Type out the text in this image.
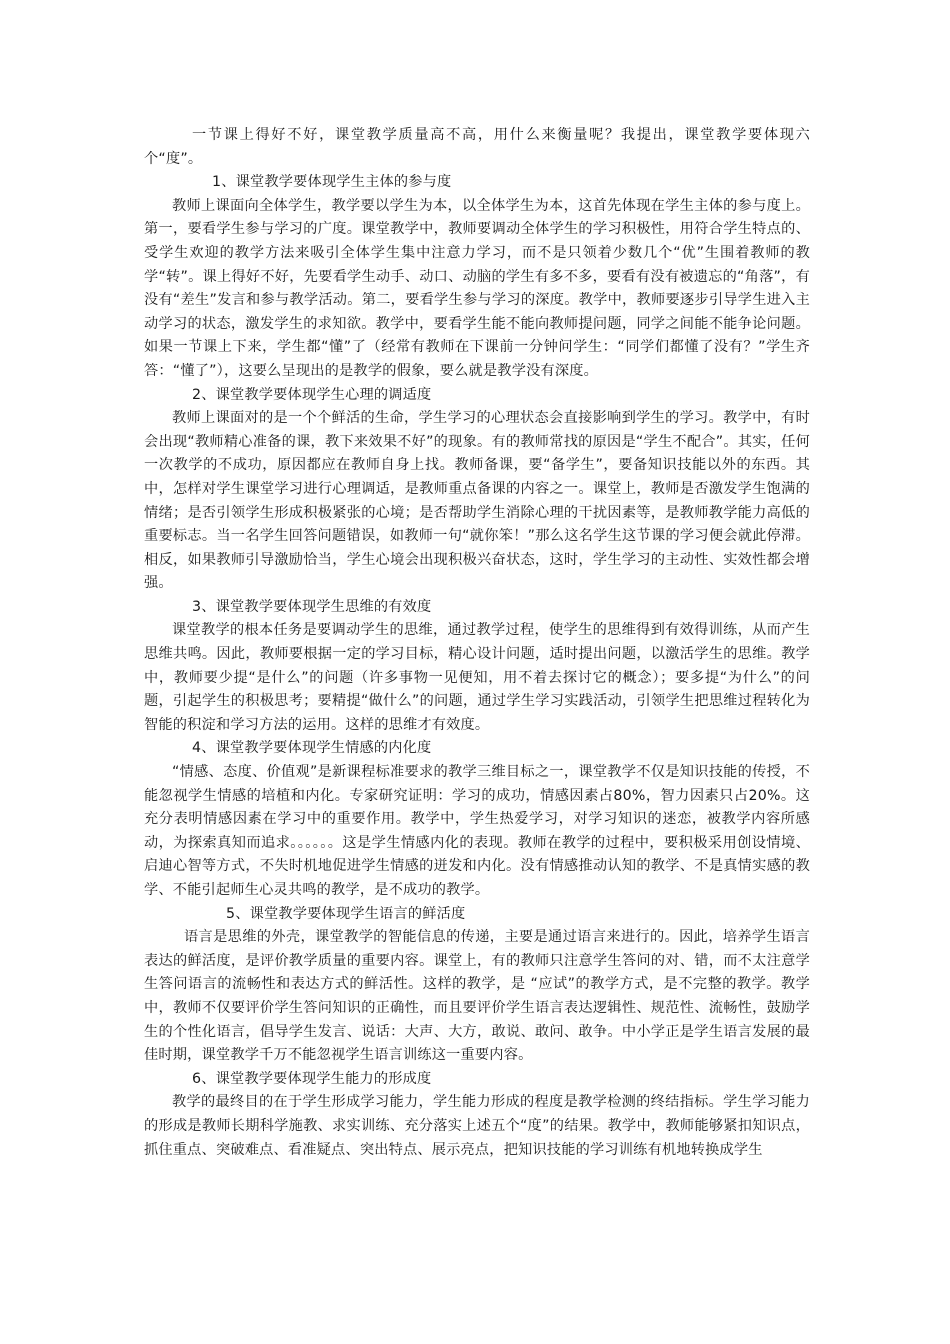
一节课上得好不好，课堂教学质量高不高，用什么来衡量呢？我提出，课堂教学要体现六个“度”。

1、课堂教学要体现学生主体的参与度

教师上课面向全体学生，教学要以学生为本，以全体学生为本，这首先体现在学生主体的参与度上。第一，要看学生参与学习的广度。课堂教学中，教师要调动全体学生的学习积极性，用符合学生特点的、受学生欢迎的教学方法来吸引全体学生集中注意力学习，而不是只领着少数几个“优”生围着教师的教学“转”。课上得好不好，先要看学生动手、动口、动脑的学生有多不多，要看有没有被遗忘的“角落”，有没有“差生”发言和参与教学活动。第二，要看学生参与学习的深度。教学中，教师要逐步引导学生进入主动学习的状态，激发学生的求知欲。教学中，要看学生能不能向教师提问题，同学之间能不能争论问题。如果一节课上下来，学生都“懂”了（经常有教师在下课前一分钟问学生：“同学们都懂了没有？”学生齐答：“懂了”），这要么呈现出的是教学的假象，要么就是教学没有深度。

2、课堂教学要体现学生心理的调适度

教师上课面对的是一个个鲜活的生命，学生学习的心理状态会直接影响到学生的学习。教学中，有时会出现“教师精心准备的课，教下来效果不好”的现象。有的教师常找的原因是“学生不配合”。其实，任何一次教学的不成功，原因都应在教师自身上找。教师备课，要“备学生”，要备知识技能以外的东西。其中，怎样对学生课堂学习进行心理调适，是教师重点备课的内容之一。课堂上，教师是否激发学生饱满的情绪；是否引领学生形成积极紧张的心境；是否帮助学生消除心理的干扰因素等，是教师教学能力高低的重要标志。当一名学生回答问题错误，如教师一句“就你笨！”那么这名学生这节课的学习便会就此停滞。相反，如果教师引导激励恰当，学生心境会出现积极兴奋状态，这时，学生学习的主动性、实效性都会增强。

3、课堂教学要体现学生思维的有效度

课堂教学的根本任务是要调动学生的思维，通过教学过程，使学生的思维得到有效得训练，从而产生思维共鸣。因此，教师要根据一定的学习目标，精心设计问题，适时提出问题，以激活学生的思维。教学中，教师要少提“是什么”的问题（许多事物一见便知，用不着去探讨它的概念）；要多提“为什么”的问题，引起学生的积极思考；要精提“做什么”的问题，通过学生学习实践活动，引领学生把思维过程转化为智能的积淀和学习方法的运用。这样的思维才有效度。

4、课堂教学要体现学生情感的内化度

“情感、态度、价值观”是新课程标准要求的教学三维目标之一，课堂教学不仅是知识技能的传授，不能忽视学生情感的培植和内化。专家研究证明：学习的成功，情感因素占80%，智力因素只占20%。这充分表明情感因素在学习中的重要作用。教学中，学生热爱学习，对学习知识的迷恋，被教学内容所感动，为探索真知而追求。。。。。。这是学生情感内化的表现。教师在教学的过程中，要积极采用创设情境、启迪心智等方式，不失时机地促进学生情感的迸发和内化。没有情感推动认知的教学、不是真情实感的教学、不能引起师生心灵共鸣的教学，是不成功的教学。

5、课堂教学要体现学生语言的鲜活度

语言是思维的外壳，课堂教学的智能信息的传递，主要是通过语言来进行的。因此，培养学生语言表达的鲜活度，是评价教学质量的重要内容。课堂上，有的教师只注意学生答问的对、错，而不太注意学生答问语言的流畅性和表达方式的鲜活性。这样的教学，是 “应试”的教学方式，是不完整的教学。教学中，教师不仅要评价学生答问知识的正确性，而且要评价学生语言表达逻辑性、规范性、流畅性，鼓励学生的个性化语言，倡导学生发言、说话：大声、大方，敢说、敢问、敢争。中小学正是学生语言发展的最佳时期，课堂教学千万不能忽视学生语言训练这一重要内容。

6、课堂教学要体现学生能力的形成度

教学的最终目的在于学生形成学习能力，学生能力形成的程度是教学检测的终结指标。学生学习能力的形成是教师长期科学施教、求实训练、充分落实上述五个“度”的结果。教学中，教师能够紧扣知识点，抓住重点、突破难点、看准疑点、突出特点、展示亮点，把知识技能的学习训练有机地转换成学生
